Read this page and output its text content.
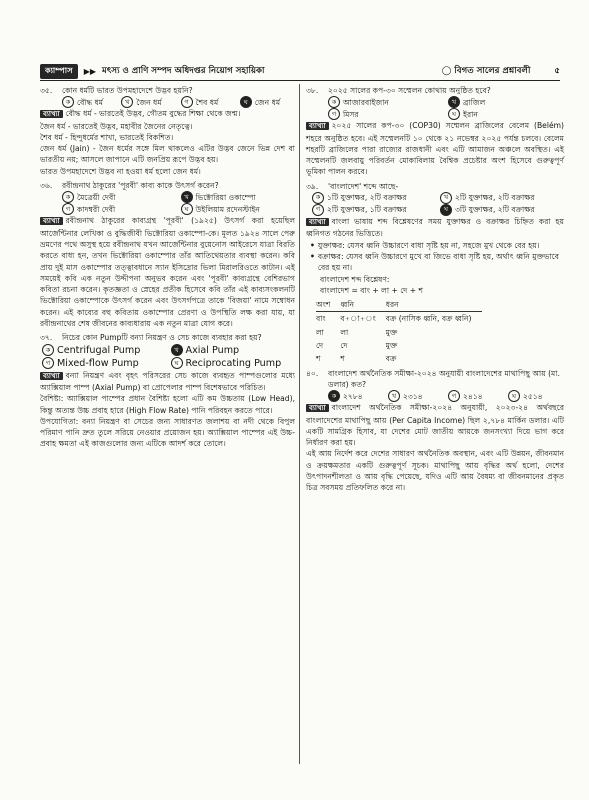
ক্যাম্পাস	▶▶ মৎস্য ও প্রাণি সম্পদ অধিদপ্তর নিয়োগ সহায়িকা	◯ বিগত সালের প্রশ্নাবলী	৫
৩৫.	কোন ধর্মটি ভারত উপমহাদেশে উদ্ভব হয়নি?
ক বৌদ্ধ ধর্ম	খ জৈন ধর্ম	গ শৈব ধর্ম	ঘ জেন ধর্ম
ব্যাখ্যা বৌদ্ধ ধর্ম - ভারতেই উদ্ভব, গৌতম বুদ্ধের শিক্ষা থেকে জন্ম।
জৈন ধর্ম - ভারতেই উদ্ভব, মহাবীর জৈনের নেতৃত্বে।
শৈব ধর্ম - হিন্দুধর্মের শাখা, ভারতেই বিকশিত।
জেন ধর্ম (Jain) - জৈন ধর্মের সঙ্গে মিল থাকলেও এটির উদ্ভব জেনে ভিন্ন দেশ বা ভারতীয় নয়; আসলে জাপানে এটি জনপ্রিয় রূপে উদ্ভব হয়।
ভারত উপমহাদেশে উদ্ভব না হওয়া ধর্ম হলো জেন ধর্ম।
৩৬.	রবীন্দ্রনাথ ঠাকুরের 'পূরবী' কাব্য কাকে উৎসর্গ করেন?
ক মৈত্রেয়ী দেবী	খ ভিক্টোরিয়া ওকাম্পো
গ কাদম্বরী দেবী	ঘ উইলিয়াম রদেনস্টাইন
ব্যাখ্যা রবীন্দ্রনাথ ঠাকুরের কাব্যগ্রন্থ 'পূরবী' (১৯২৫) উৎসর্গ করা হয়েছিল আর্জেন্টিনার লেখিকা ও বুদ্ধিজীবী ভিক্টোরিয়া ওকাম্পো-কে। মূলত ১৯২৪ সালে পেরু ভ্রমণের পথে অসুস্থ হয়ে রবীন্দ্রনাথ যখন আর্জেন্টিনার বুয়েনোস আইরেসে যাত্রা বিরতি করতে বাধ্য হন, তখন ভিক্টোরিয়া ওকাম্পোর তাঁর আতিথেয়তার ব্যবস্থা করেন। কবি প্রায় দুই মাস ওকাম্পোর তত্ত্বাবধানে স্যান ইসিদ্রোর ভিলা মিরালরিওতে কাটান। এই সময়েই কবি এক নতুন উদ্দীপনা অনুভব করেন এবং 'পূরবী' কাব্যগ্রন্থে বেশিরভাগ কবিতা রচনা করেন। কৃতজ্ঞতা ও স্নেহের প্রতীক হিসেবে কবি তাঁর এই কাব্যসংকলনটি ভিক্টোরিয়া ওকাম্পোকে উৎসর্গ করেন এবং উৎসর্গপত্রে তাকে 'বিজয়া' নামে সম্বোধন করেন। এই কাব্যের বহু কবিতায় ওকাম্পোর প্রেরণা ও উপস্থিতি লক্ষ করা যায়, যা রবীন্দ্রনাথের শেষ জীবনের কাব্যধারায় এক নতুন মাত্রা যোগ করে।
৩৭.	নিচের কোন Pumpটি বন্যা নিয়ন্ত্রণ ও সেচ কাজে ব্যবহার করা হয়?
ক Centrifugal Pump	খ Axial Pump
গ Mixed-flow Pump	ঘ Reciprocating Pump
ব্যাখ্যা বন্যা নিয়ন্ত্রণ এবং বৃহৎ পরিসরের সেচ কাজে ব্যবহৃত পাম্পগুলোর মধ্যে অ্যাক্সিয়াল পাম্প (Axial Pump) বা প্রোপেলার পাম্প বিশেষভাবে পরিচিত।
বৈশিষ্ট্য: অ্যাক্সিয়াল পাম্পের প্রধান বৈশিষ্ট্য হলো এটি কম উচ্চতায় (Low Head), কিন্তু অত্যন্ত উচ্চ প্রবাহ হারে (High Flow Rate) পানি পরিবহন করতে পারে।
উপযোগিতা: বন্যা নিয়ন্ত্রণ বা সেচের জন্য সাধারণত জলাশয় বা নদী থেকে বিপুল পরিমাণ পানি দ্রুত তুলে সরিয়ে নেওয়ার প্রয়োজন হয়। অ্যাক্সিয়াল পাম্পের এই উচ্চ-প্রবাহ ক্ষমতা এই কাজগুলোর জন্য এটিকে আদর্শ করে তোলে।
৩৮.	২০২৫ সালের কপ-৩০ সম্মেলন কোথায় অনুষ্ঠিত হবে?
ক আজারবাইজান	খ ব্রাজিল
গ মিসর	ঘ ইরান
ব্যাখ্যা ২০২৫ সালের কপ-৩০ (COP30) সম্মেলন ব্রাজিলের বেলেম (Belém) শহরে অনুষ্ঠিত হবে। এই সম্মেলনটি ১০ থেকে ২১ নভেম্বর ২০২৫ পর্যন্ত চলবে। বেলেম শহরটি ব্রাজিলের পারা রাজ্যের রাজধানী এবং এটি আমাজন অঞ্চলে অবস্থিত। এই সম্মেলনটি জলবায়ু পরিবর্তন মোকাবিলায় বৈশ্বিক প্রচেষ্টার অংশ হিসেবে গুরুত্বপূর্ণ ভূমিকা পালন করবে।
৩৯.	'বাংলাদেশ' শব্দে আছে-
ক ১টি যুক্তাক্ষর, ২টি বক্রাক্ষর	খ ২টি যুক্তাক্ষর, ২টি বক্রাক্ষর
গ ২টি যুক্তাক্ষর, ১টি বক্রাক্ষর	ঘ ৩টি যুক্তাক্ষর, ২টি বক্রাক্ষর
ব্যাখ্যা বাংলা ভাষায় শব্দ বিশ্লেষণের সময় যুক্তাক্ষর ও বক্রাক্ষর চিহ্নিত করা হয় ধ্বনিগত গঠনের ভিত্তিতে।
• যুক্তাক্ষর: যেসব ধ্বনি উচ্চারণে বাধা সৃষ্টি হয় না, সহজে মুখ থেকে বের হয়।
• বক্রাক্ষর: যেসব ধ্বনি উচ্চারণে মুখে বা জিভে বাধা সৃষ্টি হয়, অর্থাৎ ধ্বনি মুক্তভাবে বের হয় না।
বাংলাদেশ শব্দ বিশ্লেষণ:
বাংলাদেশ = বাং + লা + দে + শ
অংশ	ধ্বনি	ধরন
বাং	ব+া+ং	বক্র (নাসিক ধ্বনি, বক্র ধ্বনি)
লা	লা	মুক্ত
দে	দে	মুক্ত
শ	শ	বক্র
৪০.	বাংলাদেশ অর্থনৈতিক সমীক্ষা-২০২৪ অনুযায়ী বাংলাদেশের মাথাপিছু আয় (মা. ডলার) কত?
ক ২৭৮৪	খ ২৩১৪	গ ২৪১৪	ঘ ২৫১৪
ব্যাখ্যা বাংলাদেশ অর্থনৈতিক সমীক্ষা-২০২৪ অনুযায়ী, ২০২৩-২৪ অর্থবছরে বাংলাদেশের মাথাপিছু আয় (Per Capita Income) ছিল ২,৭৮৪ মার্কিন ডলার। এটি একটি সামগ্রিক হিসাব, যা দেশের মোট জাতীয় আয়কে জনসংখ্যা দিয়ে ভাগ করে নির্ধারণ করা হয়।
এই আয় নির্দেশ করে দেশের সাধারণ অর্থনৈতিক অবস্থান, এবং এটি উন্নয়ন, জীবনমান ও ক্রয়ক্ষমতার একটি গুরুত্বপূর্ণ সূচক। মাথাপিছু আয় বৃদ্ধির অর্থ হলো, দেশের উৎপাদনশীলতা ও আয় বৃদ্ধি পেয়েছে, যদিও এটি আয় বৈষম্য বা জীবনমানের প্রকৃত চিত্র সবসময় প্রতিফলিত করে না।
